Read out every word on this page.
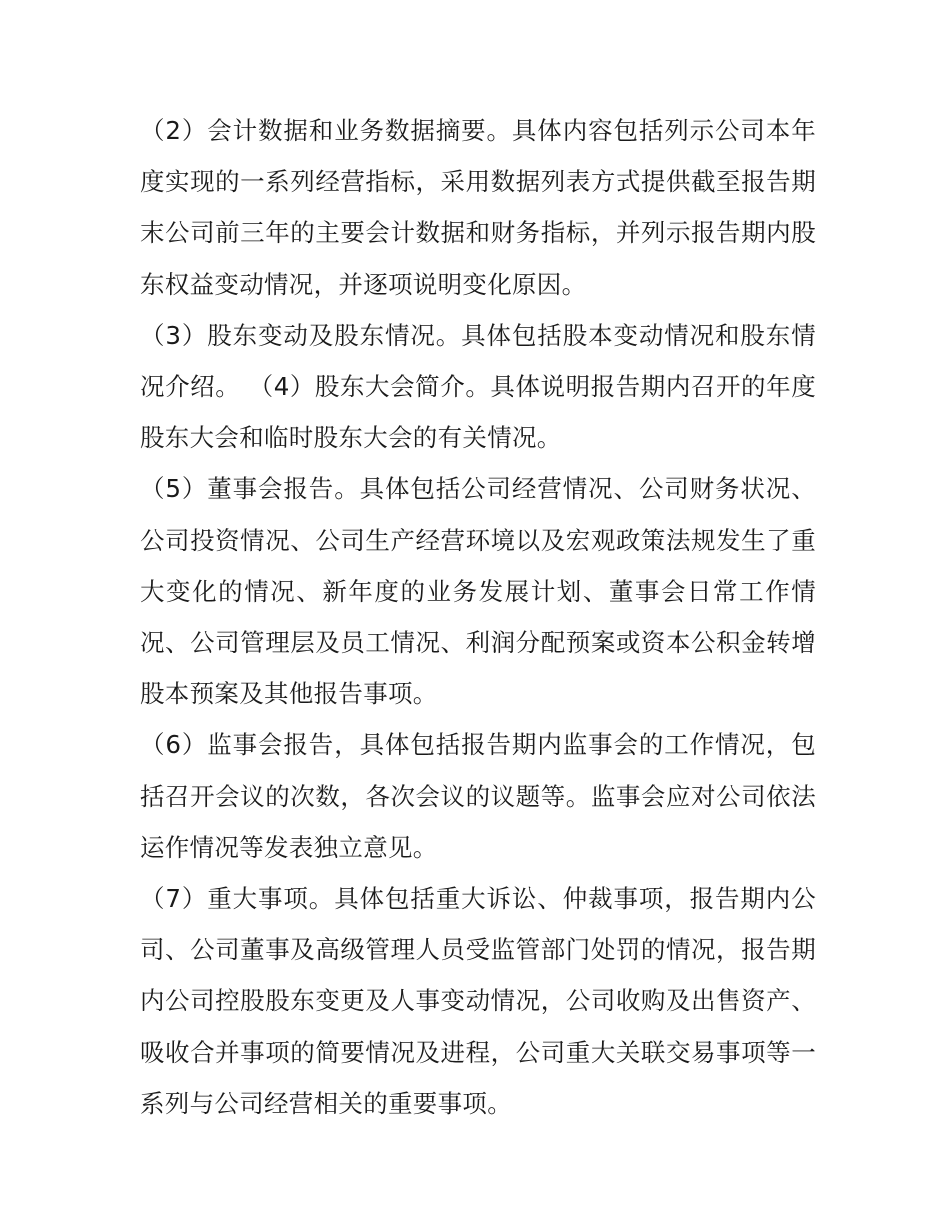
（2）会计数据和业务数据摘要。具体内容包括列示公司本年度实现的一系列经营指标，采用数据列表方式提供截至报告期末公司前三年的主要会计数据和财务指标，并列示报告期内股东权益变动情况，并逐项说明变化原因。

（3）股东变动及股东情况。具体包括股本变动情况和股东情况介绍。 （4）股东大会简介。具体说明报告期内召开的年度股东大会和临时股东大会的有关情况。

（5）董事会报告。具体包括公司经营情况、公司财务状况、公司投资情况、公司生产经营环境以及宏观政策法规发生了重大变化的情况、新年度的业务发展计划、董事会日常工作情况、公司管理层及员工情况、利润分配预案或资本公积金转增股本预案及其他报告事项。

（6）监事会报告，具体包括报告期内监事会的工作情况，包括召开会议的次数，各次会议的议题等。监事会应对公司依法运作情况等发表独立意见。

（7）重大事项。具体包括重大诉讼、仲裁事项，报告期内公司、公司董事及高级管理人员受监管部门处罚的情况，报告期内公司控股股东变更及人事变动情况，公司收购及出售资产、吸收合并事项的简要情况及进程，公司重大关联交易事项等一系列与公司经营相关的重要事项。
